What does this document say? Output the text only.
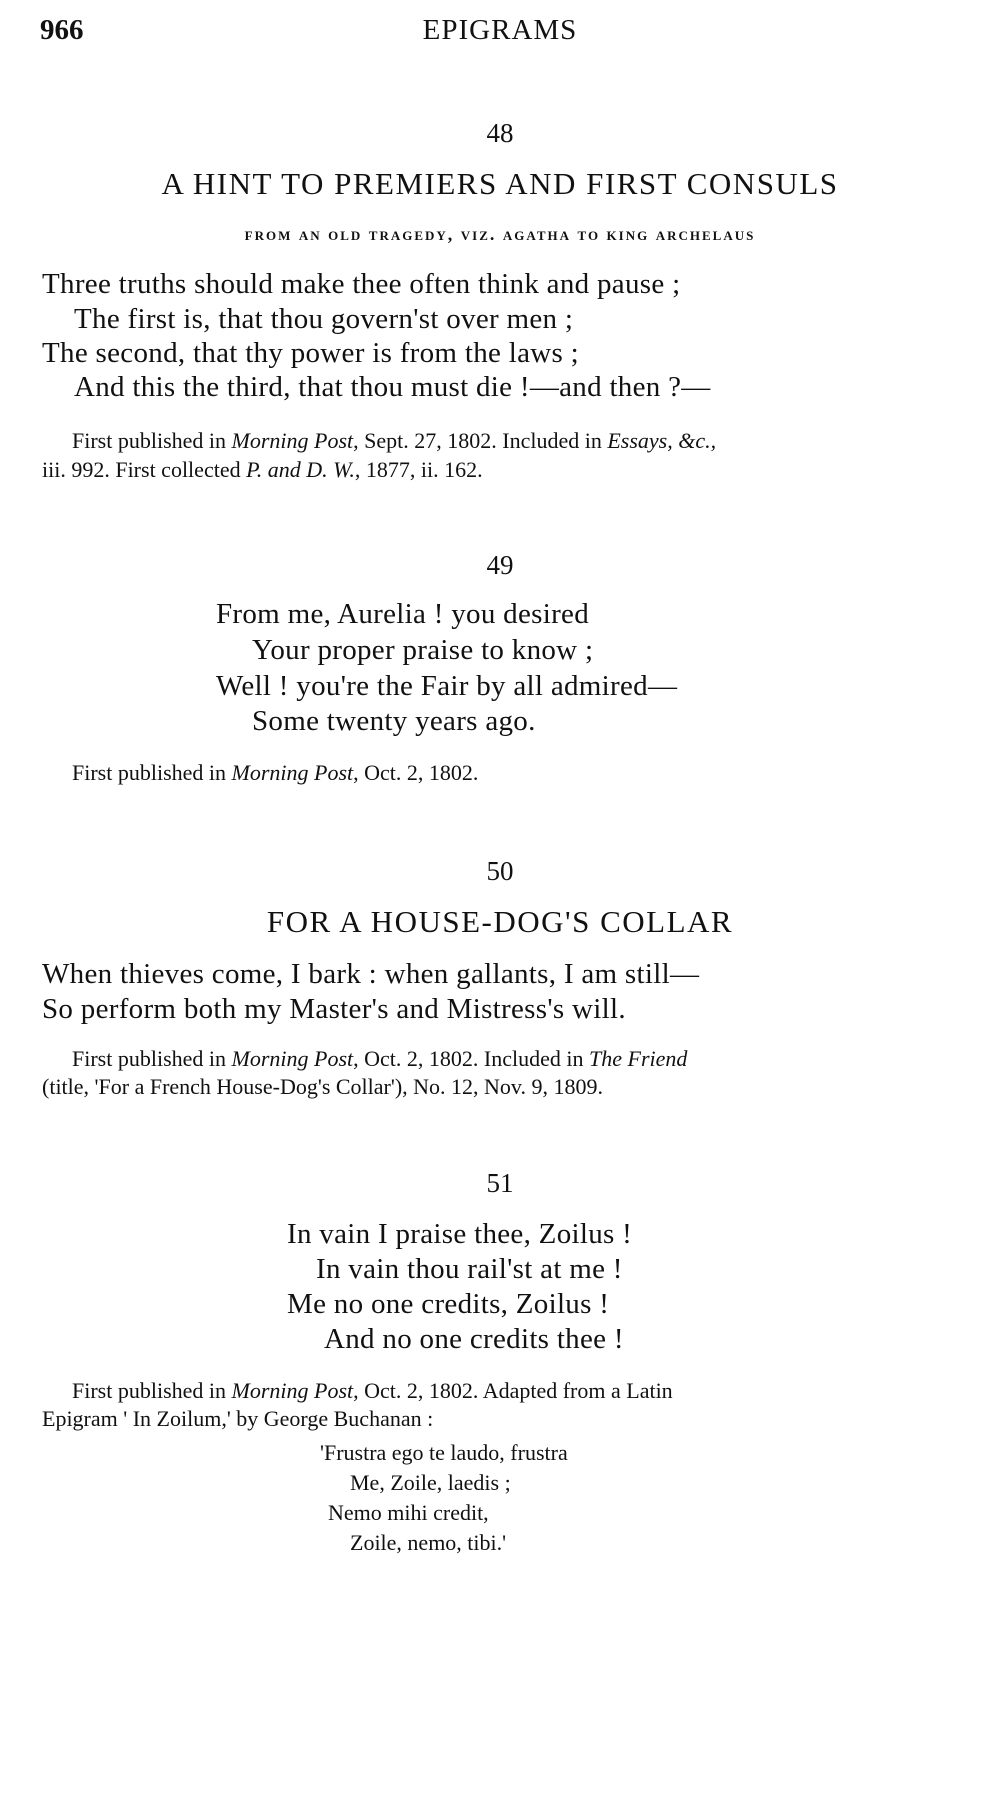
966	EPIGRAMS
48
A HINT TO PREMIERS AND FIRST CONSULS
from an old tragedy, viz. agatha to king archelaus
Three truths should make thee often think and pause ;
The first is, that thou govern'st over men ;
The second, that thy power is from the laws ;
And this the third, that thou must die !—and then ?—
First published in Morning Post, Sept. 27, 1802. Included in Essays, &c.,
iii. 992. First collected P. and D. W., 1877, ii. 162.
49
From me, Aurelia ! you desired
Your proper praise to know ;
Well ! you're the Fair by all admired—
Some twenty years ago.
First published in Morning Post, Oct. 2, 1802.
50
FOR A HOUSE-DOG'S COLLAR
When thieves come, I bark : when gallants, I am still—
So perform both my Master's and Mistress's will.
First published in Morning Post, Oct. 2, 1802. Included in The Friend
(title, 'For a French House-Dog's Collar'), No. 12, Nov. 9, 1809.
51
In vain I praise thee, Zoilus !
In vain thou rail'st at me !
Me no one credits, Zoilus !
And no one credits thee !
First published in Morning Post, Oct. 2, 1802. Adapted from a Latin
Epigram ' In Zoilum,' by George Buchanan :
'Frustra ego te laudo, frustra
Me, Zoile, laedis ;
Nemo mihi credit,
Zoile, nemo, tibi.'
